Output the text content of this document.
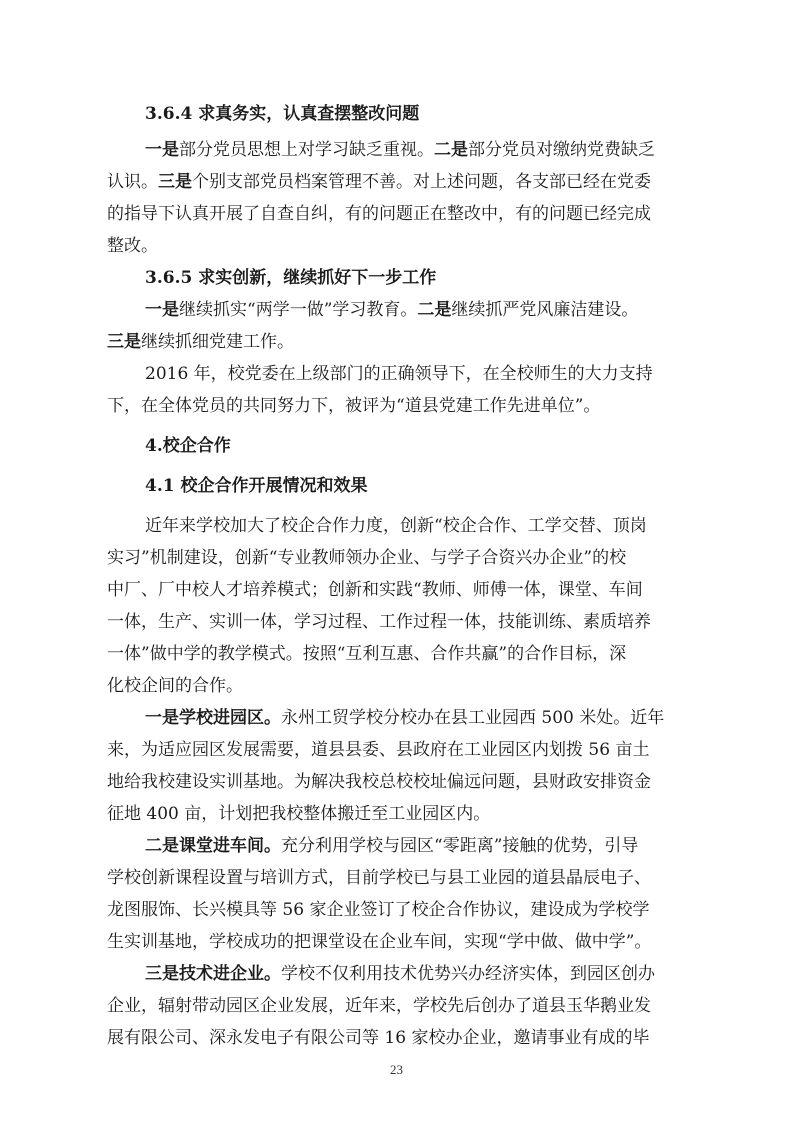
3.6.4 求真务实，认真查摆整改问题
一是部分党员思想上对学习缺乏重视。二是部分党员对缴纳党费缺乏
认识。三是个别支部党员档案管理不善。对上述问题，各支部已经在党委
的指导下认真开展了自查自纠，有的问题正在整改中，有的问题已经完成
整改。
3.6.5 求实创新，继续抓好下一步工作
一是继续抓实“两学一做”学习教育。二是继续抓严党风廉洁建设。
三是继续抓细党建工作。
2016 年，校党委在上级部门的正确领导下，在全校师生的大力支持
下，在全体党员的共同努力下，被评为“道县党建工作先进单位”。
4.校企合作
4.1 校企合作开展情况和效果
近年来学校加大了校企合作力度，创新“校企合作、工学交替、顶岗
实习”机制建设，创新“专业教师领办企业、与学子合资兴办企业”的校
中厂、厂中校人才培养模式；创新和实践“教师、师傅一体，课堂、车间
一体，生产、实训一体，学习过程、工作过程一体，技能训练、素质培养
一体”做中学的教学模式。按照“互利互惠、合作共赢”的合作目标，深
化校企间的合作。
一是学校进园区。永州工贸学校分校办在县工业园西 500 米处。近年
来，为适应园区发展需要，道县县委、县政府在工业园区内划拨 56 亩土
地给我校建设实训基地。为解决我校总校校址偏远问题，县财政安排资金
征地 400 亩，计划把我校整体搬迁至工业园区内。
二是课堂进车间。充分利用学校与园区“零距离”接触的优势，引导
学校创新课程设置与培训方式，目前学校已与县工业园的道县晶辰电子、
龙图服饰、长兴模具等 56 家企业签订了校企合作协议，建设成为学校学
生实训基地，学校成功的把课堂设在企业车间，实现“学中做、做中学”。
三是技术进企业。学校不仅利用技术优势兴办经济实体，到园区创办
企业，辐射带动园区企业发展，近年来，学校先后创办了道县玉华鹅业发
展有限公司、深永发电子有限公司等 16 家校办企业，邀请事业有成的毕
23
